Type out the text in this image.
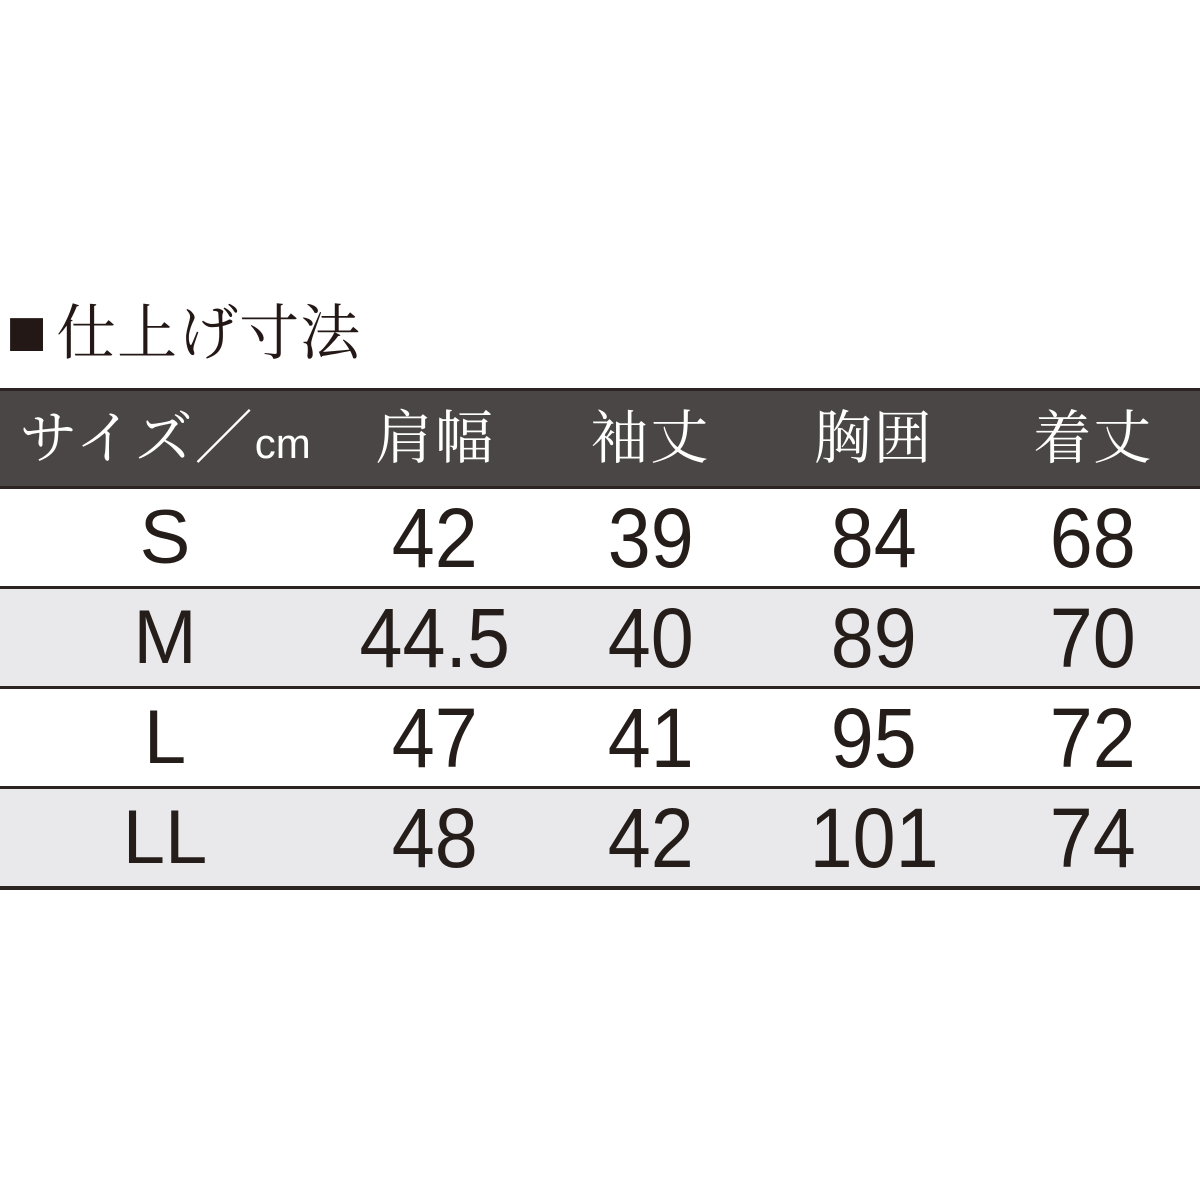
■ 仕上げ寸法
サイズ／cm	肩幅	袖丈	胸囲	着丈
S	42	39	84	68
M	44.5	40	89	70
L	47	41	95	72
LL	48	42	101	74
